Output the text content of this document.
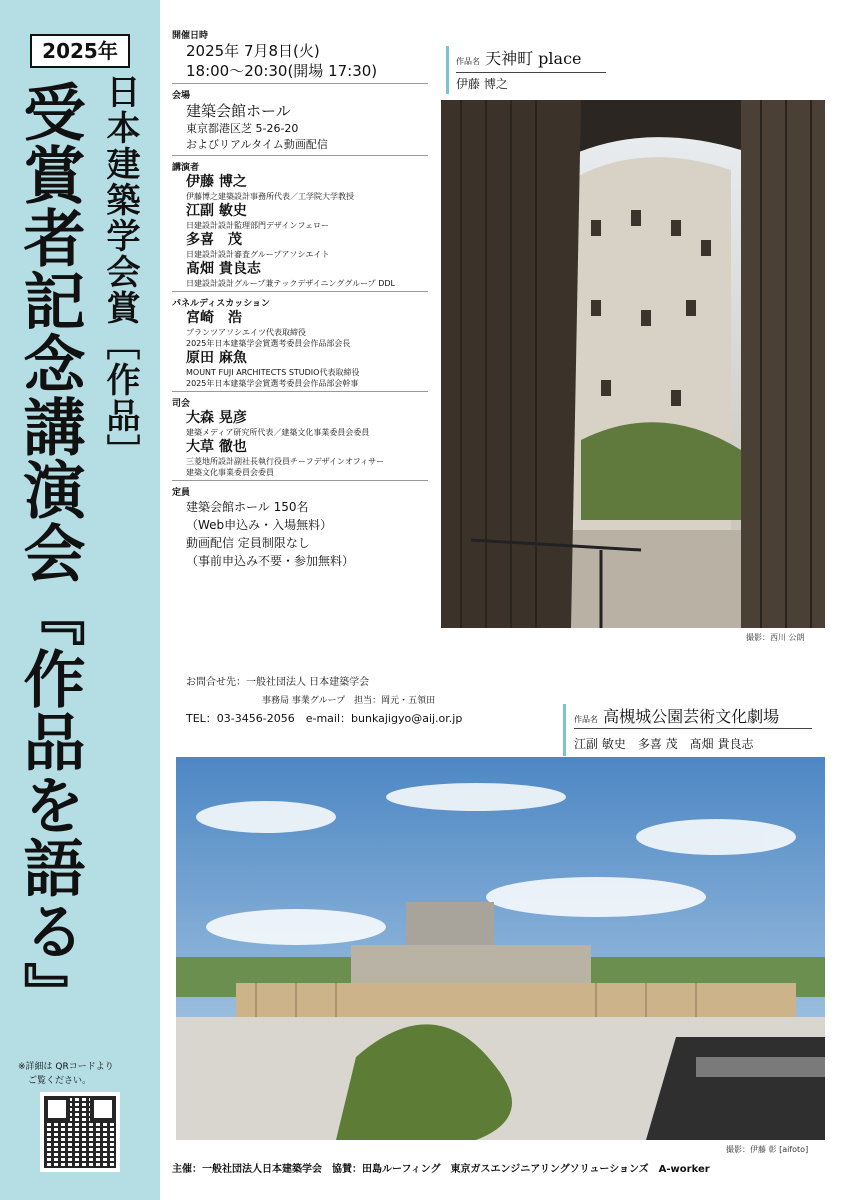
2025年
日本建築学会賞［作品］
受賞者記念講演会『作品を語る』
※詳細は QRコードより
ご覧ください。
開催日時
2025年 7月8日(火)
18:00～20:30(開場 17:30)
会場
建築会館ホール
東京都港区芝 5-26-20
およびリアルタイム動画配信
講演者
伊藤 博之
伊藤博之建築設計事務所代表／工学院大学教授
江副 敏史
日建設計設計監理部門デザインフェロー
多喜　茂
日建設計設計審査グループアソシエイト
髙畑 貴良志
日建設計設計グループ兼テックデザイニンググループ DDL
パネルディスカッション
宮崎　浩
プランツアソシエイツ代表取締役
2025年日本建築学会賞選考委員会作品部会長
原田 麻魚
MOUNT FUJI ARCHITECTS STUDIO代表取締役
2025年日本建築学会賞選考委員会作品部会幹事
司会
大森 晃彦
建築メディア研究所代表／建築文化事業委員会委員
大草 徹也
三菱地所設計副社長執行役員チーフデザインオフィサー
建築文化事業委員会委員
定員
建築会館ホール 150名
（Web申込み・入場無料）
動画配信 定員制限なし
（事前申込み不要・参加無料）
お問合せ先：一般社団法人 日本建築学会
事務局 事業グループ　担当：岡元・五領田
TEL：03-3456-2056　e-mail：bunkajigyo@aij.or.jp
作品名 天神町 place
伊藤 博之
撮影：西川 公朗
作品名 高槻城公園芸術文化劇場
江副 敏史　多喜 茂　髙畑 貴良志
撮影：伊藤 彰 [aifoto]
主催：一般社団法人日本建築学会　協賛：田島ルーフィング　東京ガスエンジニアリングソリューションズ　A-worker
